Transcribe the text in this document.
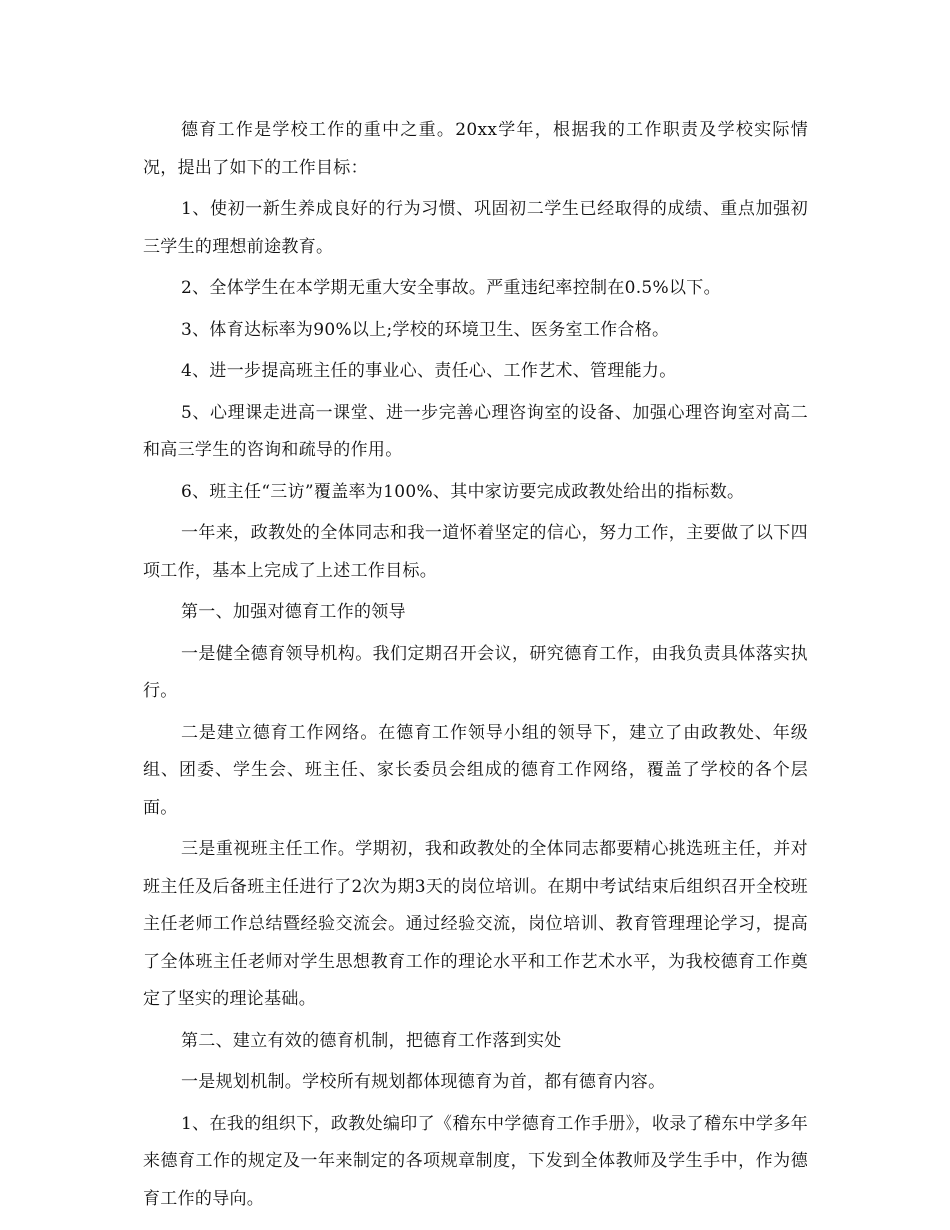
德育工作是学校工作的重中之重。20xx学年，根据我的工作职责及学校实际情况，提出了如下的工作目标：

1、使初一新生养成良好的行为习惯、巩固初二学生已经取得的成绩、重点加强初三学生的理想前途教育。

2、全体学生在本学期无重大安全事故。严重违纪率控制在0.5%以下。

3、体育达标率为90%以上;学校的环境卫生、医务室工作合格。

4、进一步提高班主任的事业心、责任心、工作艺术、管理能力。

5、心理课走进高一课堂、进一步完善心理咨询室的设备、加强心理咨询室对高二和高三学生的咨询和疏导的作用。

6、班主任“三访”覆盖率为100%、其中家访要完成政教处给出的指标数。

一年来，政教处的全体同志和我一道怀着坚定的信心，努力工作，主要做了以下四项工作，基本上完成了上述工作目标。

第一、加强对德育工作的领导

一是健全德育领导机构。我们定期召开会议，研究德育工作，由我负责具体落实执行。

二是建立德育工作网络。在德育工作领导小组的领导下，建立了由政教处、年级组、团委、学生会、班主任、家长委员会组成的德育工作网络，覆盖了学校的各个层面。

三是重视班主任工作。学期初，我和政教处的全体同志都要精心挑选班主任，并对班主任及后备班主任进行了2次为期3天的岗位培训。在期中考试结束后组织召开全校班主任老师工作总结暨经验交流会。通过经验交流，岗位培训、教育管理理论学习，提高了全体班主任老师对学生思想教育工作的理论水平和工作艺术水平，为我校德育工作奠定了坚实的理论基础。

第二、建立有效的德育机制，把德育工作落到实处

一是规划机制。学校所有规划都体现德育为首，都有德育内容。

1、在我的组织下，政教处编印了《稽东中学德育工作手册》，收录了稽东中学多年来德育工作的规定及一年来制定的各项规章制度，下发到全体教师及学生手中，作为德育工作的导向。
